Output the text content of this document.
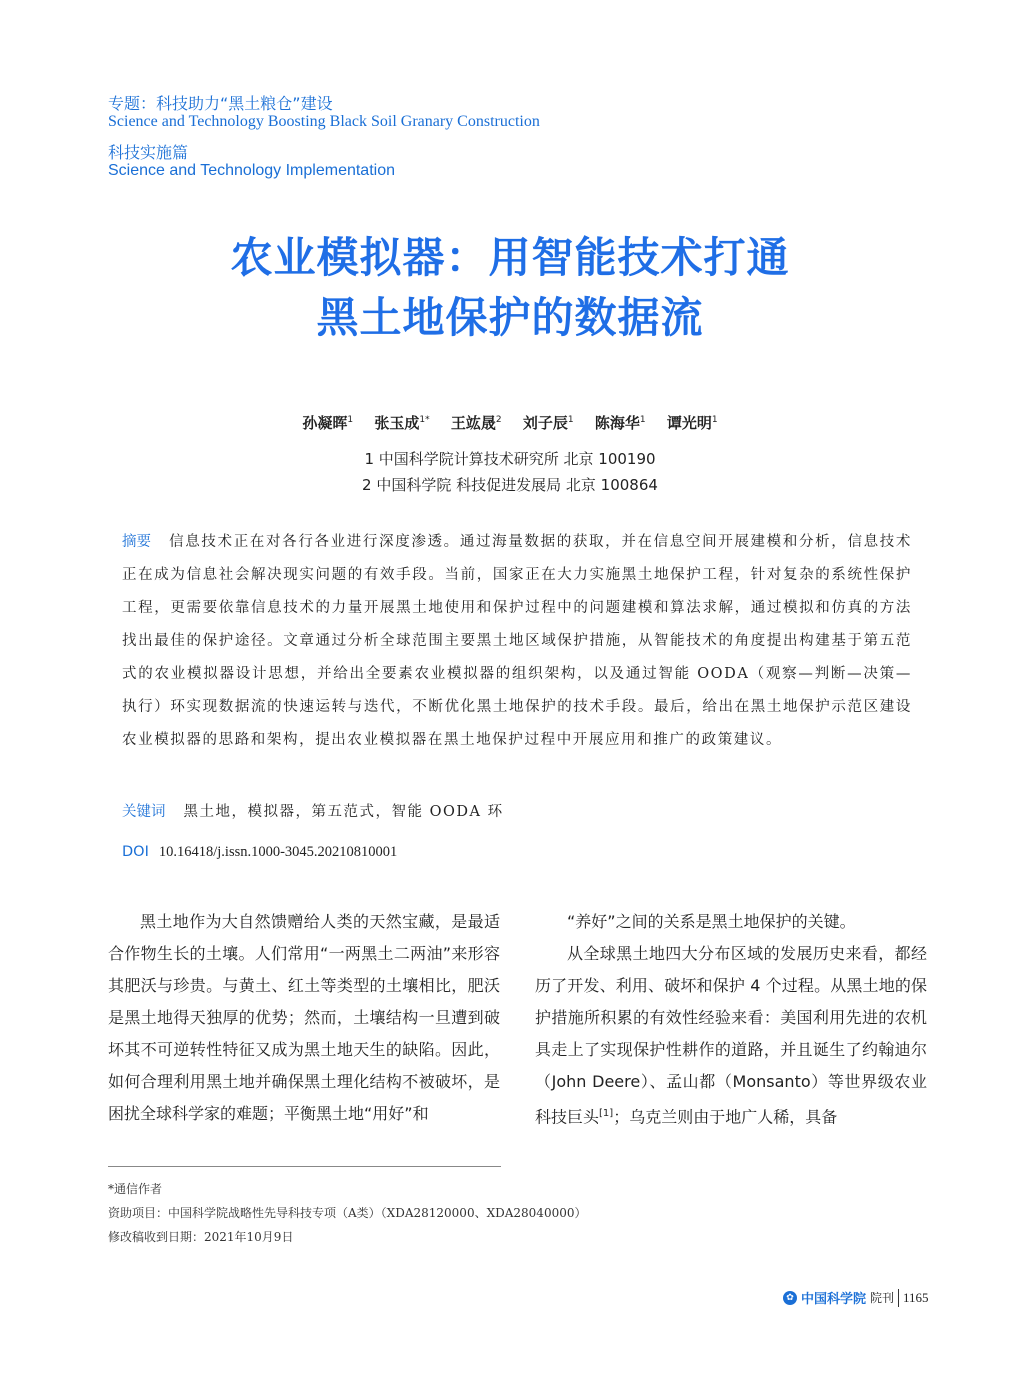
专题：科技助力“黑土粮仓”建设
Science and Technology Boosting Black Soil Granary Construction
科技实施篇
Science and Technology Implementation
农业模拟器：用智能技术打通
黑土地保护的数据流
孙凝晖$^1$ 张玉成$^{1*}$ 王竑晟$^2$ 刘子辰$^1$ 陈海华$^1$ 谭光明$^1$
1 中国科学院计算技术研究所 北京 100190
2 中国科学院 科技促进发展局 北京 100864
摘要 信息技术正在对各行各业进行深度渗透。通过海量数据的获取，并在信息空间开展建模和分析，信息技术正在成为信息社会解决现实问题的有效手段。当前，国家正在大力实施黑土地保护工程，针对复杂的系统性保护工程，更需要依靠信息技术的力量开展黑土地使用和保护过程中的问题建模和算法求解，通过模拟和仿真的方法找出最佳的保护途径。文章通过分析全球范围主要黑土地区域保护措施，从智能技术的角度提出构建基于第五范式的农业模拟器设计思想，并给出全要素农业模拟器的组织架构，以及通过智能 OODA（观察—判断—决策—执行）环实现数据流的快速运转与迭代，不断优化黑土地保护的技术手段。最后，给出在黑土地保护示范区建设农业模拟器的思路和架构，提出农业模拟器在黑土地保护过程中开展应用和推广的政策建议。
关键词 黑土地，模拟器，第五范式，智能 OODA 环
DOI 10.16418/j.issn.1000-3045.20210810001

黑土地作为大自然馈赠给人类的天然宝藏，是最适合作物生长的土壤。人们常用“一两黑土二两油”来形容其肥沃与珍贵。与黄土、红土等类型的土壤相比，肥沃是黑土地得天独厚的优势；然而，土壤结构一旦遭到破坏其不可逆转性特征又成为黑土地天生的缺陷。因此，如何合理利用黑土地并确保黑土理化结构不被破坏，是困扰全球科学家的难题；平衡黑土地“用好”和

“养好”之间的关系是黑土地保护的关键。

从全球黑土地四大分布区域的发展历史来看，都经历了开发、利用、破坏和保护 4 个过程。从黑土地的保护措施所积累的有效性经验来看：美国利用先进的农机具走上了实现保护性耕作的道路，并且诞生了约翰迪尔（John Deere）、孟山都（Monsanto）等世界级农业科技巨头[1]；乌克兰则由于地广人稀，具备

*通信作者
资助项目：中国科学院战略性先导科技专项（A类）（XDA28120000、XDA28040000）
修改稿收到日期：2021年10月9日
✿ 中国科学院 院刊 1165
